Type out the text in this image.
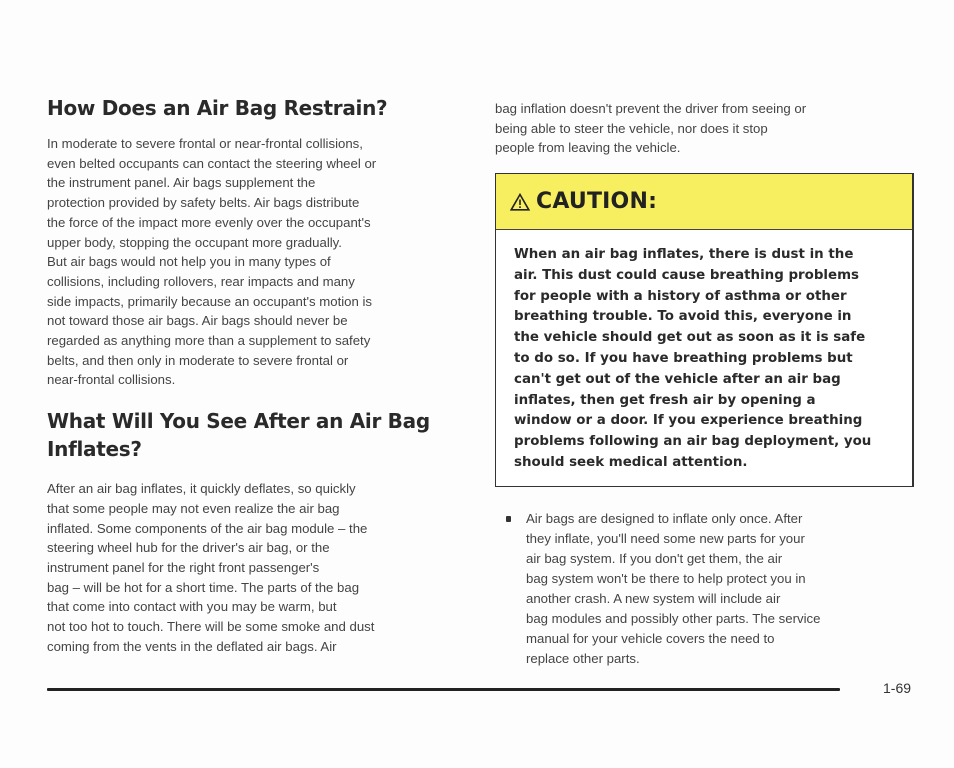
How Does an Air Bag Restrain?

In moderate to severe frontal or near-frontal collisions,
even belted occupants can contact the steering wheel or
the instrument panel. Air bags supplement the
protection provided by safety belts. Air bags distribute
the force of the impact more evenly over the occupant's
upper body, stopping the occupant more gradually.
But air bags would not help you in many types of
collisions, including rollovers, rear impacts and many
side impacts, primarily because an occupant's motion is
not toward those air bags. Air bags should never be
regarded as anything more than a supplement to safety
belts, and then only in moderate to severe frontal or
near-frontal collisions.

What Will You See After an Air Bag
Inflates?

After an air bag inflates, it quickly deflates, so quickly
that some people may not even realize the air bag
inflated. Some components of the air bag module – the
steering wheel hub for the driver's air bag, or the
instrument panel for the right front passenger's
bag – will be hot for a short time. The parts of the bag
that come into contact with you may be warm, but
not too hot to touch. There will be some smoke and dust
coming from the vents in the deflated air bags. Air

bag inflation doesn't prevent the driver from seeing or
being able to steer the vehicle, nor does it stop
people from leaving the vehicle.

CAUTION:
When an air bag inflates, there is dust in the
air. This dust could cause breathing problems
for people with a history of asthma or other
breathing trouble. To avoid this, everyone in
the vehicle should get out as soon as it is safe
to do so. If you have breathing problems but
can't get out of the vehicle after an air bag
inflates, then get fresh air by opening a
window or a door. If you experience breathing
problems following an air bag deployment, you
should seek medical attention.

Air bags are designed to inflate only once. After
they inflate, you'll need some new parts for your
air bag system. If you don't get them, the air
bag system won't be there to help protect you in
another crash. A new system will include air
bag modules and possibly other parts. The service
manual for your vehicle covers the need to
replace other parts.

1-69
